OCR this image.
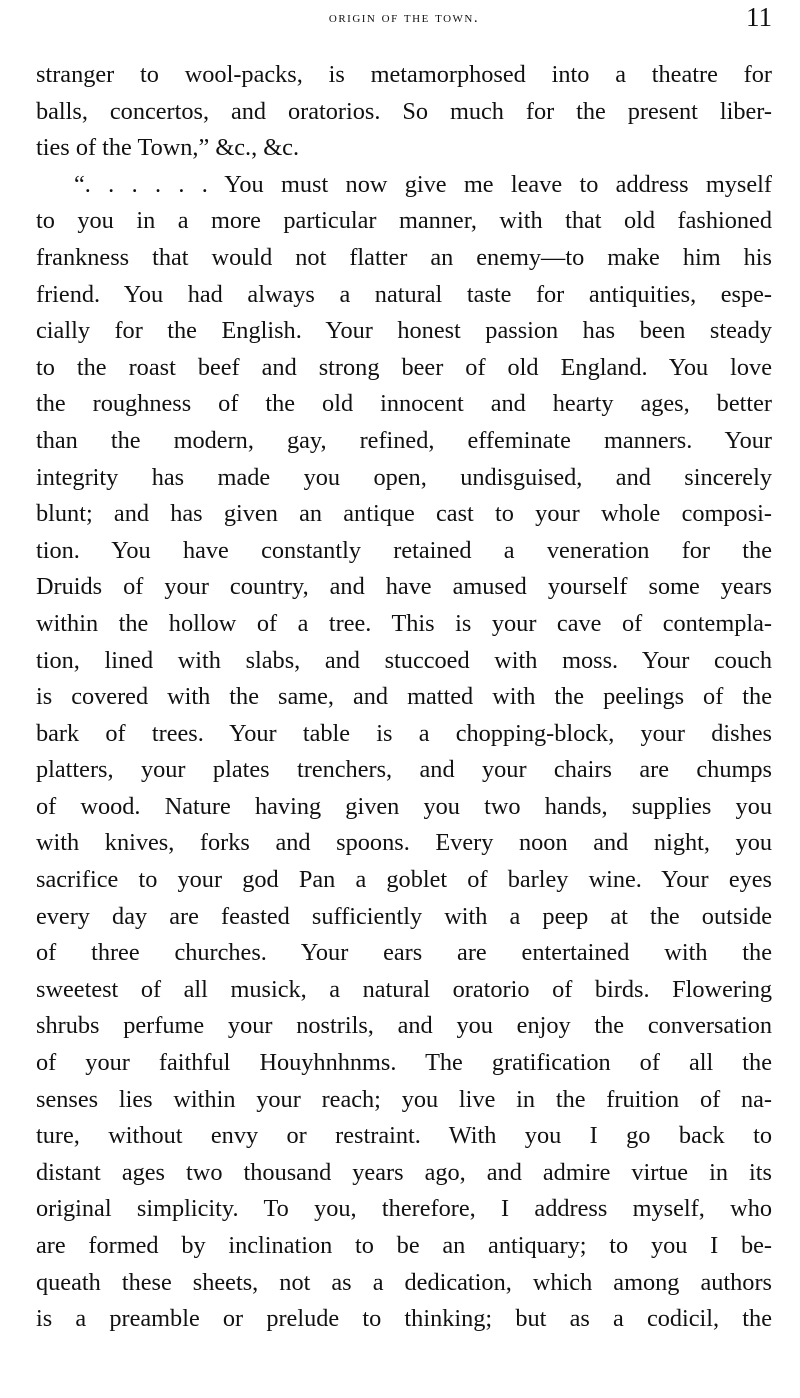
origin of the town.	11
stranger to wool-packs, is metamorphosed into a theatre for
balls, concertos, and oratorios. So much for the present liber-
ties of the Town,” &c., &c.
“. . . . . . You must now give me leave to address myself
to you in a more particular manner, with that old fashioned
frankness that would not flatter an enemy—to make him his
friend. You had always a natural taste for antiquities, espe-
cially for the English. Your honest passion has been steady
to the roast beef and strong beer of old England. You love
the roughness of the old innocent and hearty ages, better
than the modern, gay, refined, effeminate manners. Your
integrity has made you open, undisguised, and sincerely
blunt; and has given an antique cast to your whole composi-
tion. You have constantly retained a veneration for the
Druids of your country, and have amused yourself some years
within the hollow of a tree. This is your cave of contempla-
tion, lined with slabs, and stuccoed with moss. Your couch
is covered with the same, and matted with the peelings of the
bark of trees. Your table is a chopping-block, your dishes
platters, your plates trenchers, and your chairs are chumps
of wood. Nature having given you two hands, supplies you
with knives, forks and spoons. Every noon and night, you
sacrifice to your god Pan a goblet of barley wine. Your eyes
every day are feasted sufficiently with a peep at the outside
of three churches. Your ears are entertained with the
sweetest of all musick, a natural oratorio of birds. Flowering
shrubs perfume your nostrils, and you enjoy the conversation
of your faithful Houyhnhnms. The gratification of all the
senses lies within your reach; you live in the fruition of na-
ture, without envy or restraint. With you I go back to
distant ages two thousand years ago, and admire virtue in its
original simplicity. To you, therefore, I address myself, who
are formed by inclination to be an antiquary; to you I be-
queath these sheets, not as a dedication, which among authors
is a preamble or prelude to thinking; but as a codicil, the
